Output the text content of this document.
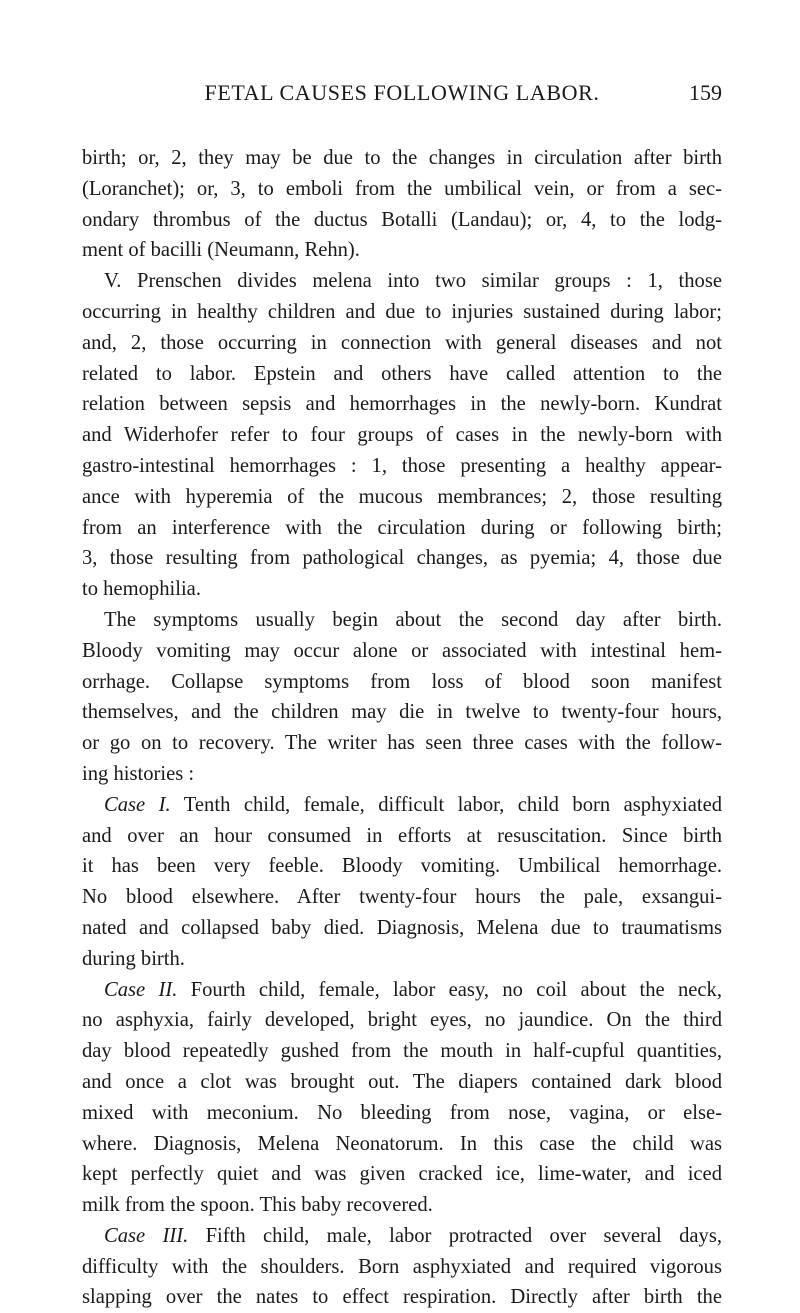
FETAL CAUSES FOLLOWING LABOR.	159
birth; or, 2, they may be due to the changes in circulation after birth
(Loranchet); or, 3, to emboli from the umbilical vein, or from a sec-
ondary thrombus of the ductus Botalli (Landau); or, 4, to the lodg-
ment of bacilli (Neumann, Rehn).
V. Prenschen divides melena into two similar groups : 1, those
occurring in healthy children and due to injuries sustained during labor;
and, 2, those occurring in connection with general diseases and not
related to labor. Epstein and others have called attention to the
relation between sepsis and hemorrhages in the newly-born. Kundrat
and Widerhofer refer to four groups of cases in the newly-born with
gastro-intestinal hemorrhages : 1, those presenting a healthy appear-
ance with hyperemia of the mucous membrances; 2, those resulting
from an interference with the circulation during or following birth;
3, those resulting from pathological changes, as pyemia; 4, those due
to hemophilia.
The symptoms usually begin about the second day after birth.
Bloody vomiting may occur alone or associated with intestinal hem-
orrhage. Collapse symptoms from loss of blood soon manifest
themselves, and the children may die in twelve to twenty-four hours,
or go on to recovery. The writer has seen three cases with the follow-
ing histories :
Case I. Tenth child, female, difficult labor, child born asphyxiated
and over an hour consumed in efforts at resuscitation. Since birth
it has been very feeble. Bloody vomiting. Umbilical hemorrhage.
No blood elsewhere. After twenty-four hours the pale, exsangui-
nated and collapsed baby died. Diagnosis, Melena due to traumatisms
during birth.
Case II. Fourth child, female, labor easy, no coil about the neck,
no asphyxia, fairly developed, bright eyes, no jaundice. On the third
day blood repeatedly gushed from the mouth in half-cupful quantities,
and once a clot was brought out. The diapers contained dark blood
mixed with meconium. No bleeding from nose, vagina, or else-
where. Diagnosis, Melena Neonatorum. In this case the child was
kept perfectly quiet and was given cracked ice, lime-water, and iced
milk from the spoon. This baby recovered.
Case III. Fifth child, male, labor protracted over several days,
difficulty with the shoulders. Born asphyxiated and required vigorous
slapping over the nates to effect respiration. Directly after birth the
